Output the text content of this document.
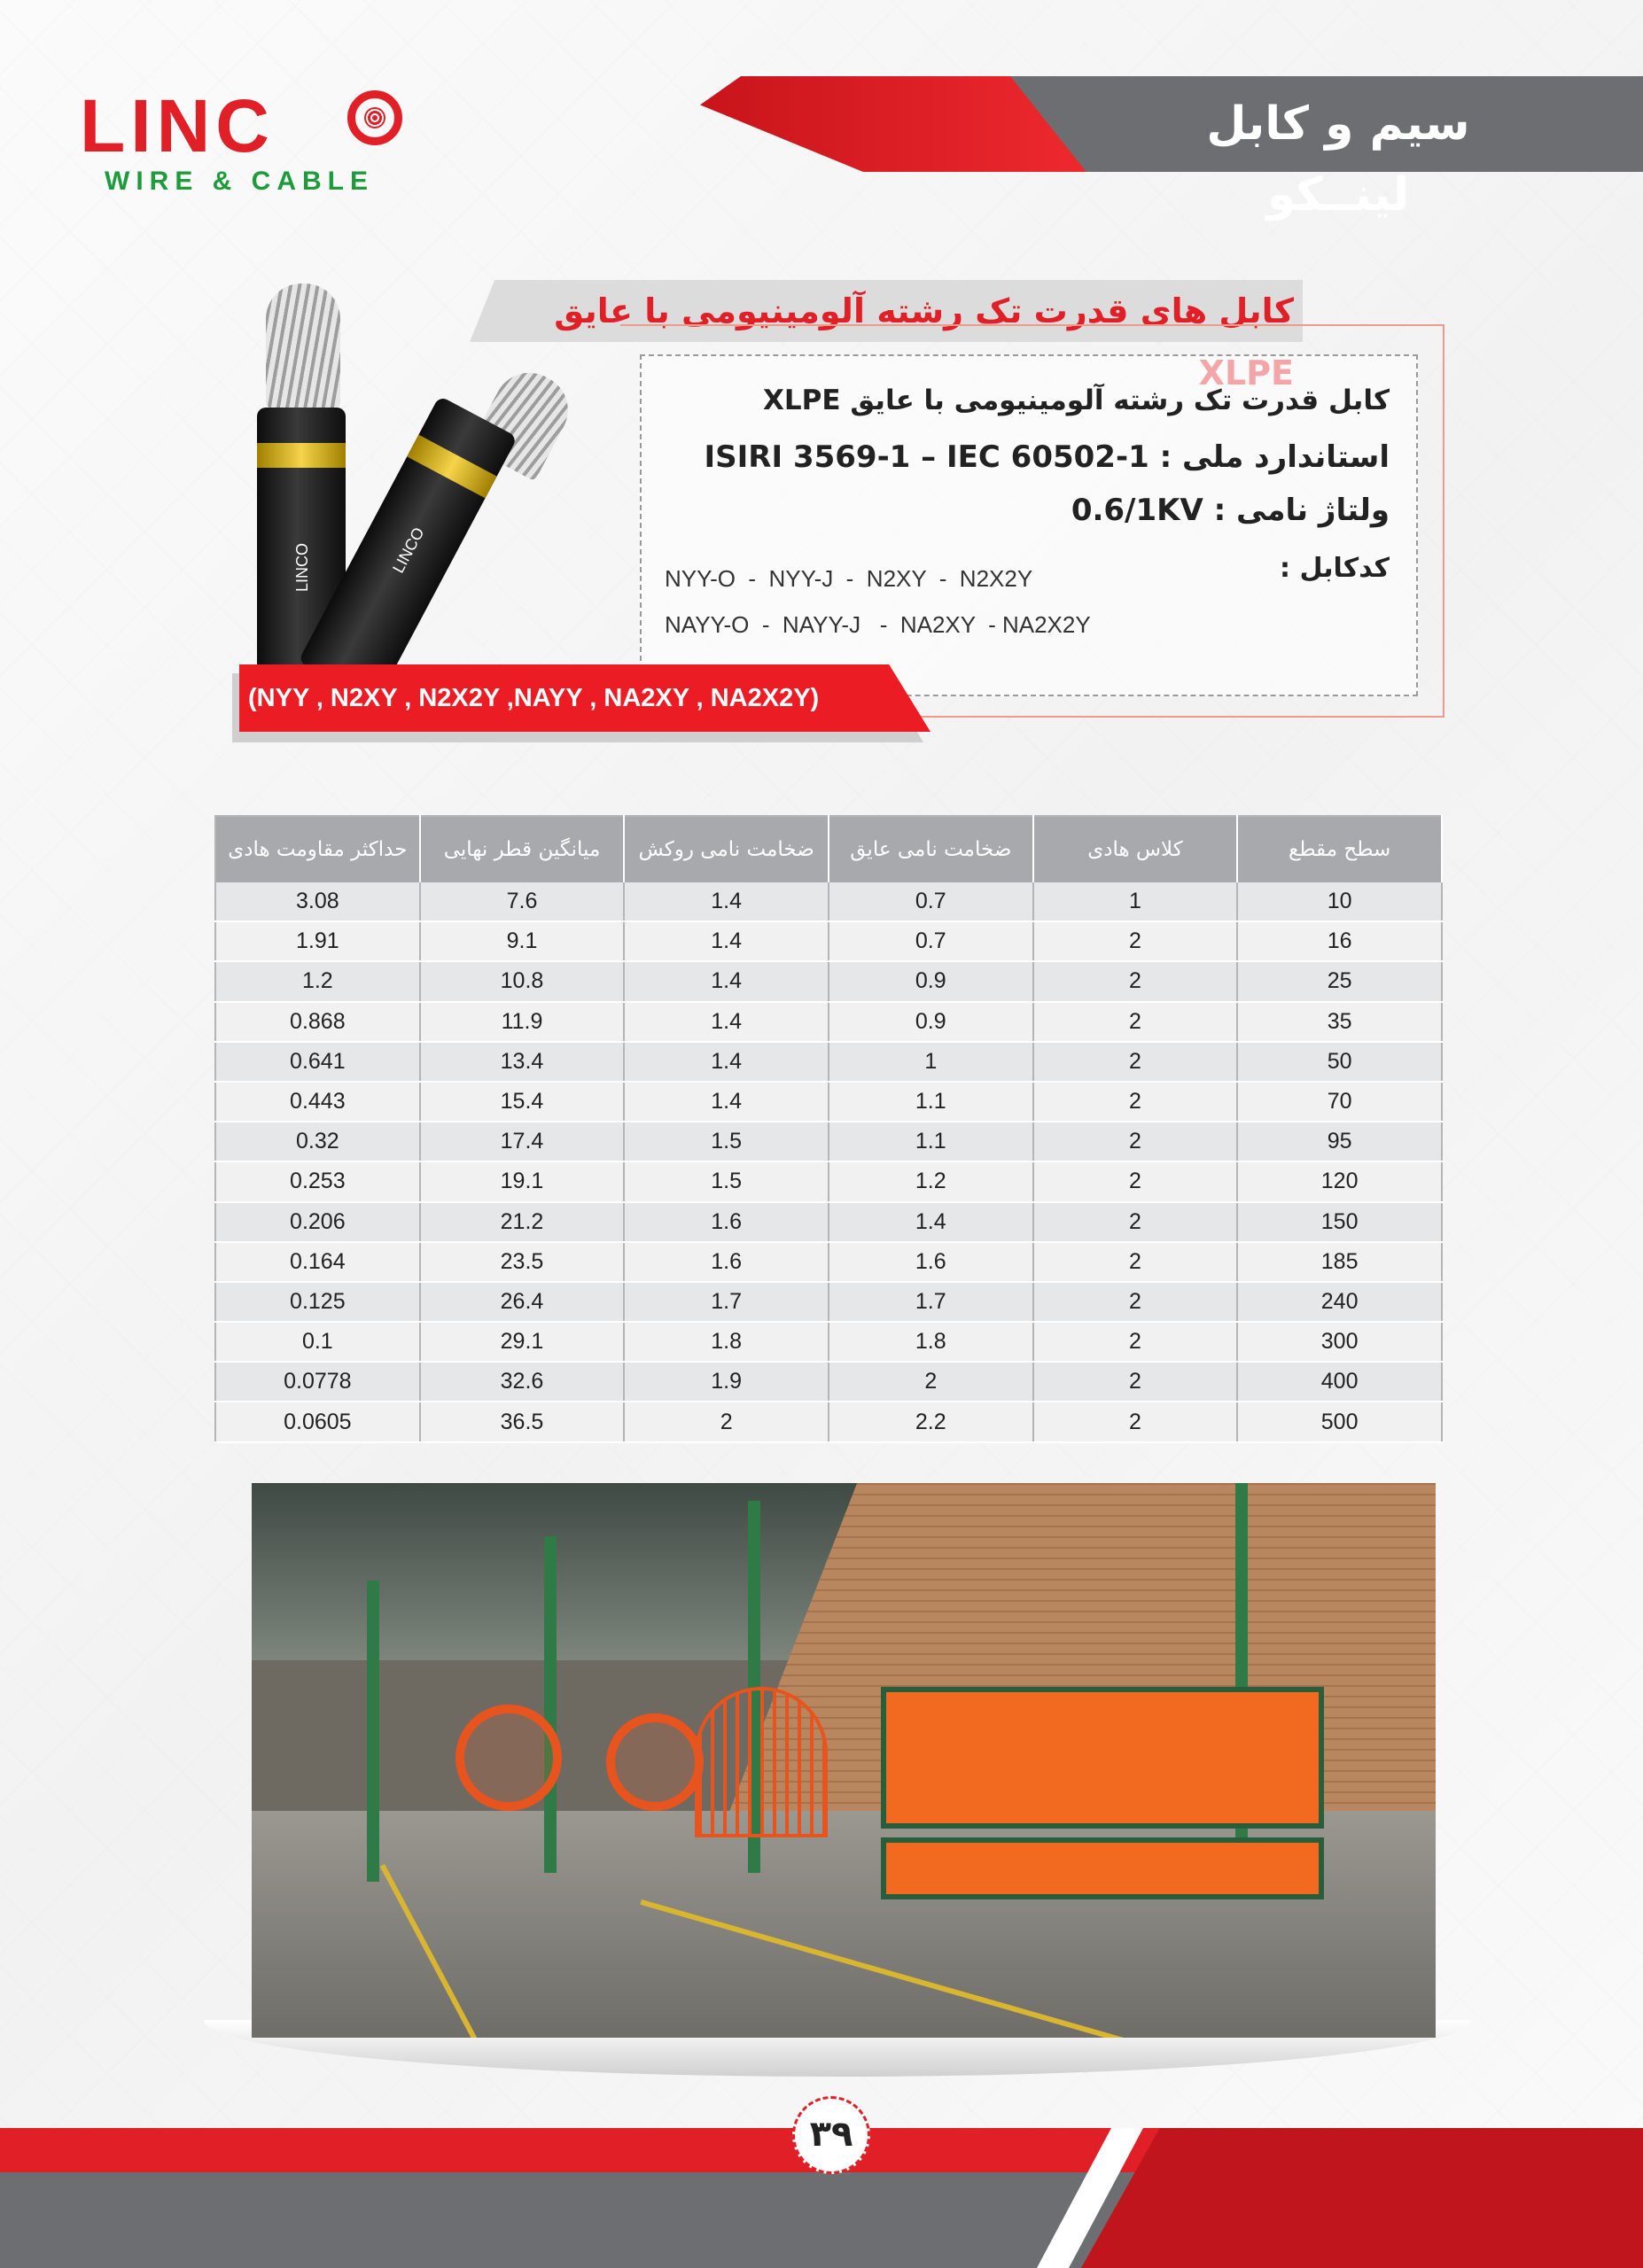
LINC
WIRE & CABLE
سیم و کابل لینــکو
LINCO	LINCO
کابل های قدرت تک رشته آلومینیومی با عایق
کابل قدرت تک رشته آلومینیومی با عایق XLPE
استاندارد ملی : ISIRI 3569-1 – IEC 60502-1
ولتاژ نامی : 0.6/1KV
کدکابل :
NYY-O  -  NYY-J  -  N2XY  -  N2X2Y
NAYY-O  -  NAYY-J   -  NA2XY  - NA2X2Y
(NYY , N2XY , N2X2Y ,NAYY , NA2XY , NA2X2Y)
حداکثر مقاومت هادی	میانگین قطر نهایی	ضخامت نامی روکش	ضخامت نامی عایق	کلاس هادی	سطح مقطع
3.08	7.6	1.4	0.7	1	10
1.91	9.1	1.4	0.7	2	16
1.2	10.8	1.4	0.9	2	25
0.868	11.9	1.4	0.9	2	35
0.641	13.4	1.4	1	2	50
0.443	15.4	1.4	1.1	2	70
0.32	17.4	1.5	1.1	2	95
0.253	19.1	1.5	1.2	2	120
0.206	21.2	1.6	1.4	2	150
0.164	23.5	1.6	1.6	2	185
0.125	26.4	1.7	1.7	2	240
0.1	29.1	1.8	1.8	2	300
0.0778	32.6	1.9	2	2	400
0.0605	36.5	2	2.2	2	500
۳۹
